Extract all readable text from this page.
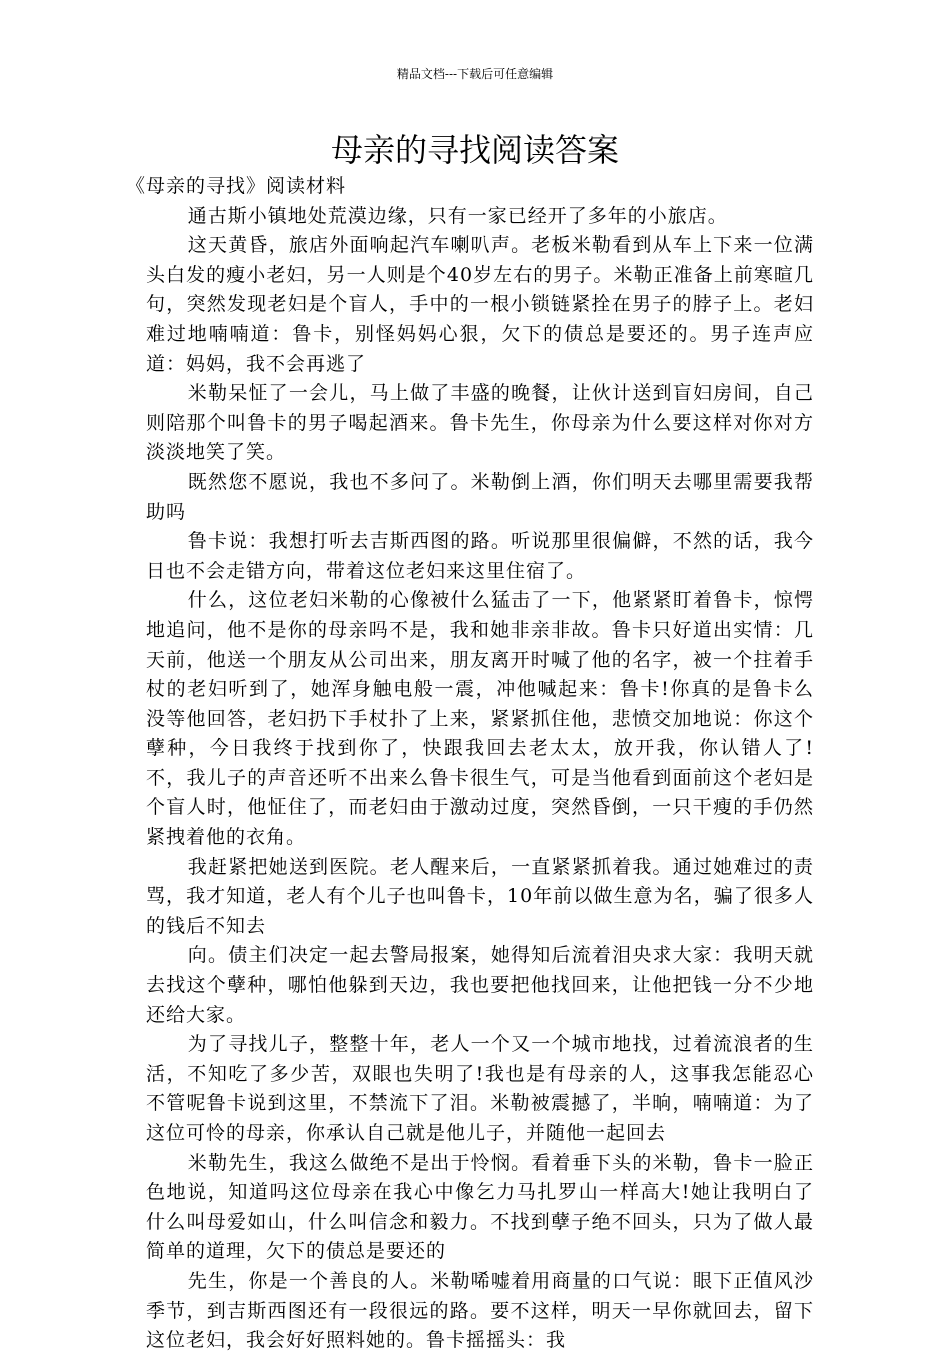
精品文档---下载后可任意编辑
母亲的寻找阅读答案

《母亲的寻找》阅读材料

通古斯小镇地处荒漠边缘，只有一家已经开了多年的小旅店。

这天黄昏，旅店外面响起汽车喇叭声。老板米勒看到从车上下来一位满头白发的瘦小老妇，另一人则是个40岁左右的男子。米勒正准备上前寒暄几句，突然发现老妇是个盲人，手中的一根小锁链紧拴在男子的脖子上。老妇难过地喃喃道：鲁卡，别怪妈妈心狠，欠下的债总是要还的。男子连声应道：妈妈，我不会再逃了

米勒呆怔了一会儿，马上做了丰盛的晚餐，让伙计送到盲妇房间，自己则陪那个叫鲁卡的男子喝起酒来。鲁卡先生，你母亲为什么要这样对你对方淡淡地笑了笑。

既然您不愿说，我也不多问了。米勒倒上酒，你们明天去哪里需要我帮助吗

鲁卡说：我想打听去吉斯西图的路。听说那里很偏僻，不然的话，我今日也不会走错方向，带着这位老妇来这里住宿了。

什么，这位老妇米勒的心像被什么猛击了一下，他紧紧盯着鲁卡，惊愕地追问，他不是你的母亲吗不是，我和她非亲非故。鲁卡只好道出实情：几天前，他送一个朋友从公司出来，朋友离开时喊了他的名字，被一个拄着手杖的老妇听到了，她浑身触电般一震，冲他喊起来：鲁卡!你真的是鲁卡么没等他回答，老妇扔下手杖扑了上来，紧紧抓住他，悲愤交加地说：你这个孽种，今日我终于找到你了，快跟我回去老太太，放开我，你认错人了!不，我儿子的声音还听不出来么鲁卡很生气，可是当他看到面前这个老妇是个盲人时，他怔住了，而老妇由于激动过度，突然昏倒，一只干瘦的手仍然紧拽着他的衣角。

我赶紧把她送到医院。老人醒来后，一直紧紧抓着我。通过她难过的责骂，我才知道，老人有个儿子也叫鲁卡，10年前以做生意为名，骗了很多人的钱后不知去

向。债主们决定一起去警局报案，她得知后流着泪央求大家：我明天就去找这个孽种，哪怕他躲到天边，我也要把他找回来，让他把钱一分不少地还给大家。

为了寻找儿子，整整十年，老人一个又一个城市地找，过着流浪者的生活，不知吃了多少苦，双眼也失明了!我也是有母亲的人，这事我怎能忍心不管呢鲁卡说到这里，不禁流下了泪。米勒被震撼了，半晌，喃喃道：为了这位可怜的母亲，你承认自己就是他儿子，并随他一起回去

米勒先生，我这么做绝不是出于怜悯。看着垂下头的米勒，鲁卡一脸正色地说，知道吗这位母亲在我心中像乞力马扎罗山一样高大!她让我明白了什么叫母爱如山，什么叫信念和毅力。不找到孽子绝不回头，只为了做人最简单的道理，欠下的债总是要还的

先生，你是一个善良的人。米勒唏嘘着用商量的口气说：眼下正值风沙季节，到吉斯西图还有一段很远的路。要不这样，明天一早你就回去，留下这位老妇，我会好好照料她的。鲁卡摇摇头：我
